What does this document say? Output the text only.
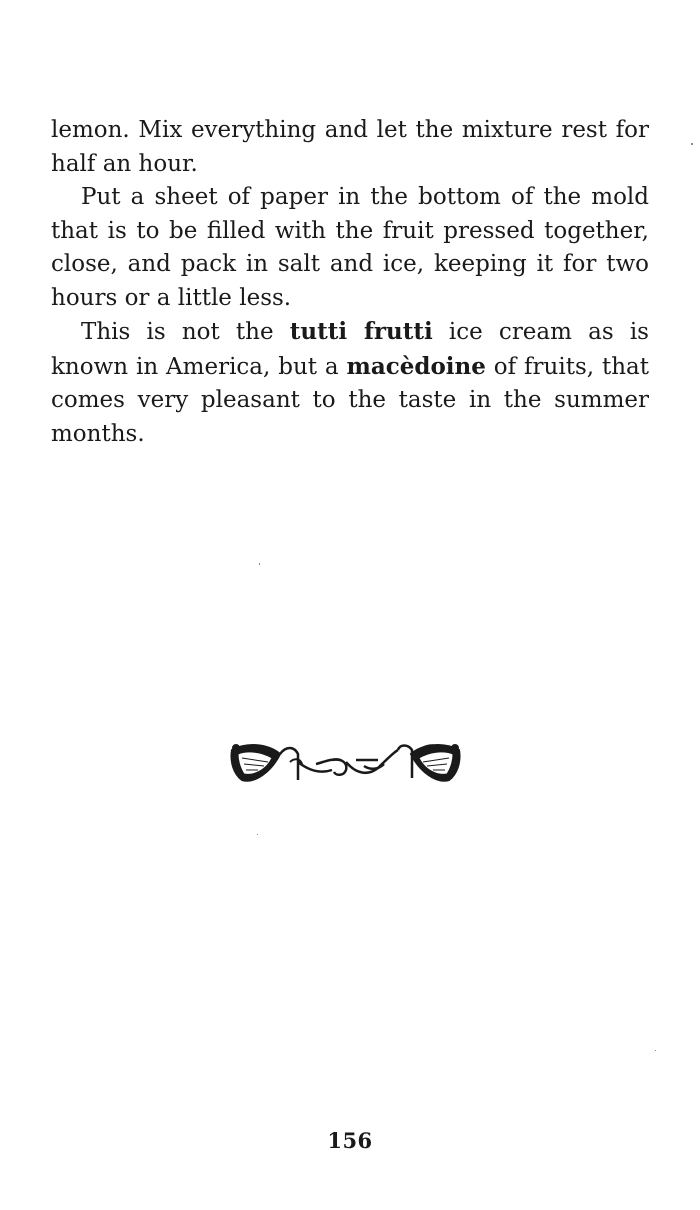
lemon. Mix everything and let the mixture rest for half an hour.

Put a sheet of paper in the bottom of the mold that is to be filled with the fruit pressed together, close, and pack in salt and ice, keeping it for two hours or a little less.

This is not the tutti frutti ice cream as is known in America, but a macèdoine of fruits, that comes very pleasant to the taste in the summer months.

156
